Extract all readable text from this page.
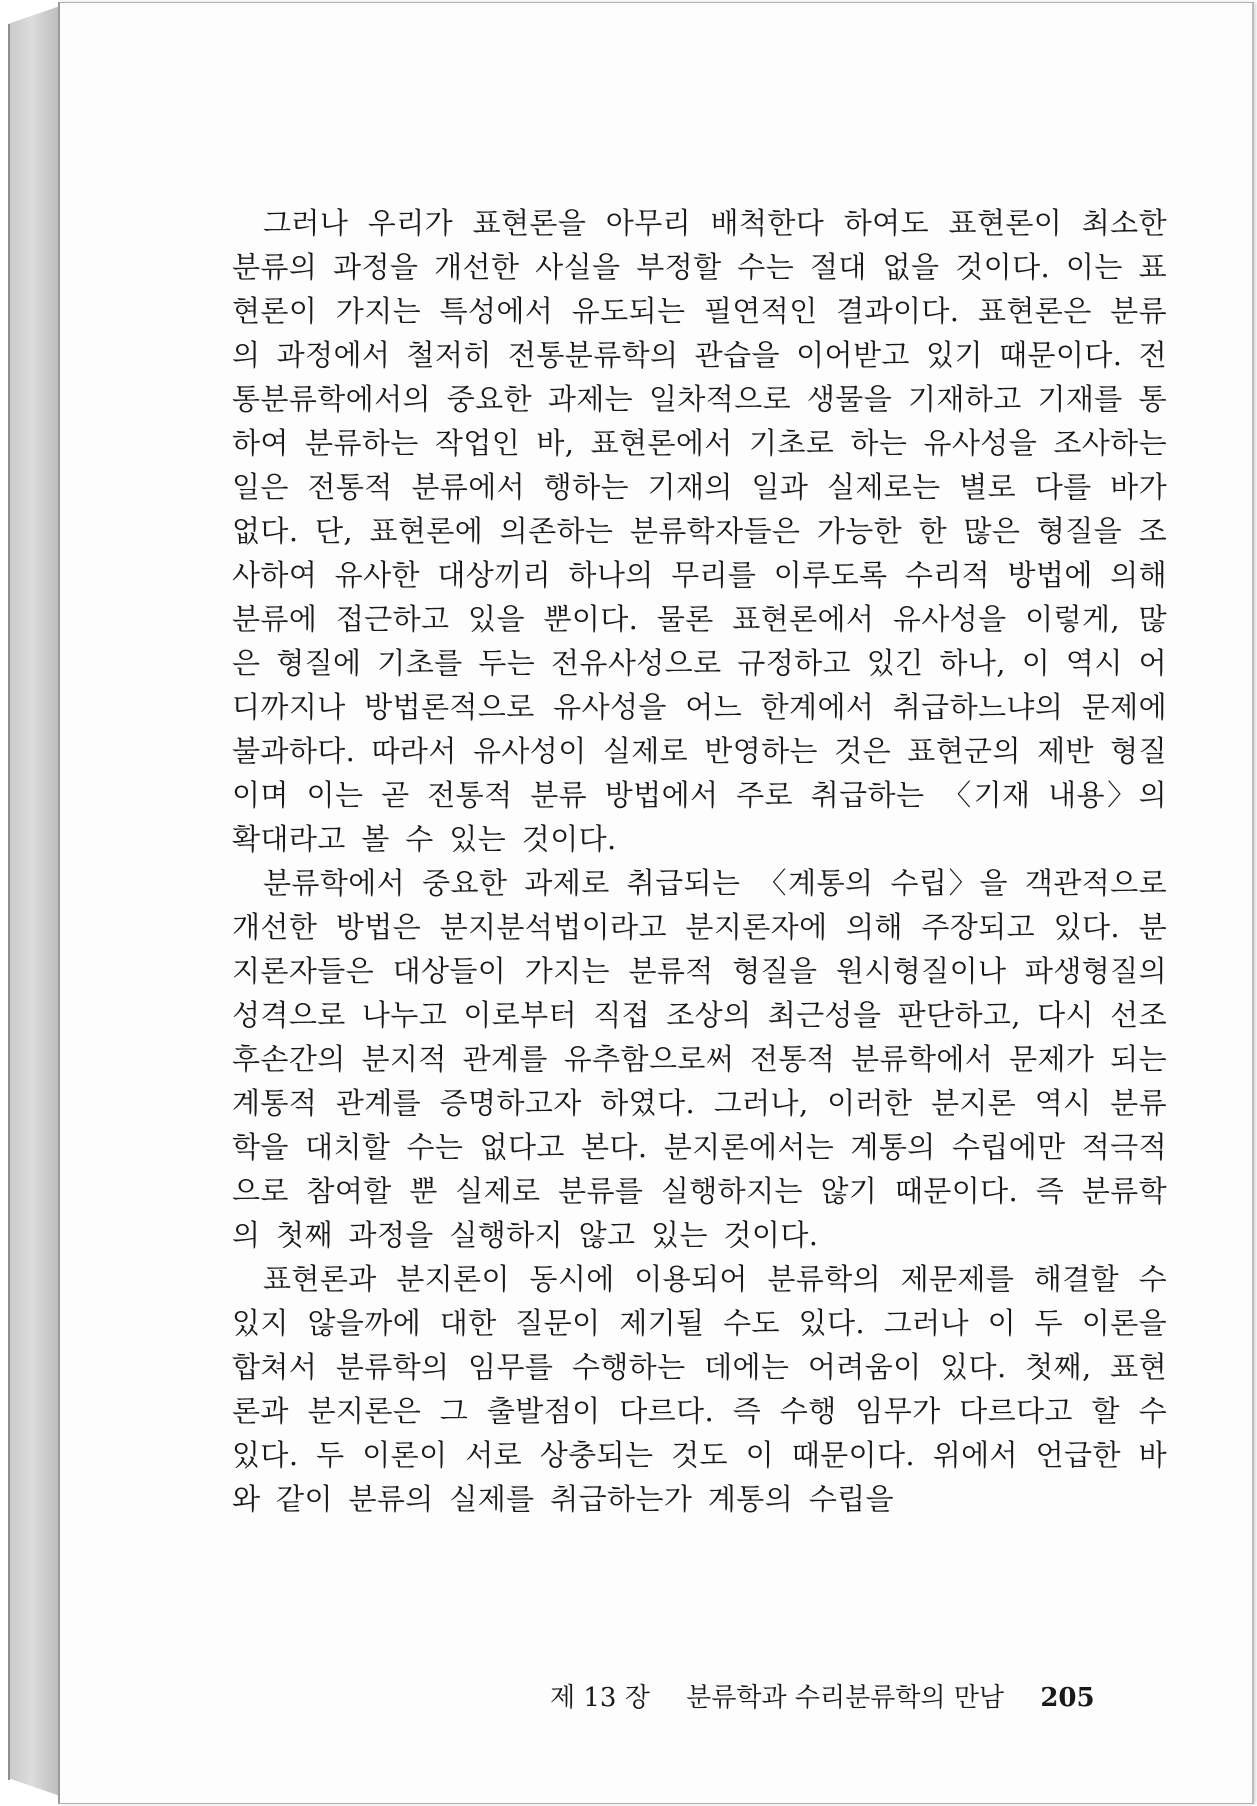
그러나 우리가 표현론을 아무리 배척한다 하여도 표현론이 최소한 분류의 과정을 개선한 사실을 부정할 수는 절대 없을 것이다. 이는 표현론이 가지는 특성에서 유도되는 필연적인 결과이다. 표현론은 분류의 과정에서 철저히 전통분류학의 관습을 이어받고 있기 때문이다. 전통분류학에서의 중요한 과제는 일차적으로 생물을 기재하고 기재를 통하여 분류하는 작업인 바, 표현론에서 기초로 하는 유사성을 조사하는 일은 전통적 분류에서 행하는 기재의 일과 실제로는 별로 다를 바가 없다. 단, 표현론에 의존하는 분류학자들은 가능한 한 많은 형질을 조사하여 유사한 대상끼리 하나의 무리를 이루도록 수리적 방법에 의해 분류에 접근하고 있을 뿐이다. 물론 표현론에서 유사성을 이렇게, 많은 형질에 기초를 두는 전유사성으로 규정하고 있긴 하나, 이 역시 어디까지나 방법론적으로 유사성을 어느 한계에서 취급하느냐의 문제에 불과하다. 따라서 유사성이 실제로 반영하는 것은 표현군의 제반 형질이며 이는 곧 전통적 분류 방법에서 주로 취급하는 〈기재 내용〉의 확대라고 볼 수 있는 것이다.

분류학에서 중요한 과제로 취급되는 〈계통의 수립〉을 객관적으로 개선한 방법은 분지분석법이라고 분지론자에 의해 주장되고 있다. 분지론자들은 대상들이 가지는 분류적 형질을 원시형질이나 파생형질의 성격으로 나누고 이로부터 직접 조상의 최근성을 판단하고, 다시 선조 후손간의 분지적 관계를 유추함으로써 전통적 분류학에서 문제가 되는 계통적 관계를 증명하고자 하였다. 그러나, 이러한 분지론 역시 분류학을 대치할 수는 없다고 본다. 분지론에서는 계통의 수립에만 적극적으로 참여할 뿐 실제로 분류를 실행하지는 않기 때문이다. 즉 분류학의 첫째 과정을 실행하지 않고 있는 것이다.

표현론과 분지론이 동시에 이용되어 분류학의 제문제를 해결할 수 있지 않을까에 대한 질문이 제기될 수도 있다. 그러나 이 두 이론을 합쳐서 분류학의 임무를 수행하는 데에는 어려움이 있다. 첫째, 표현론과 분지론은 그 출발점이 다르다. 즉 수행 임무가 다르다고 할 수 있다. 두 이론이 서로 상충되는 것도 이 때문이다. 위에서 언급한 바와 같이 분류의 실제를 취급하는가 계통의 수립을

제 13 장 분류학과 수리분류학의 만남 205
